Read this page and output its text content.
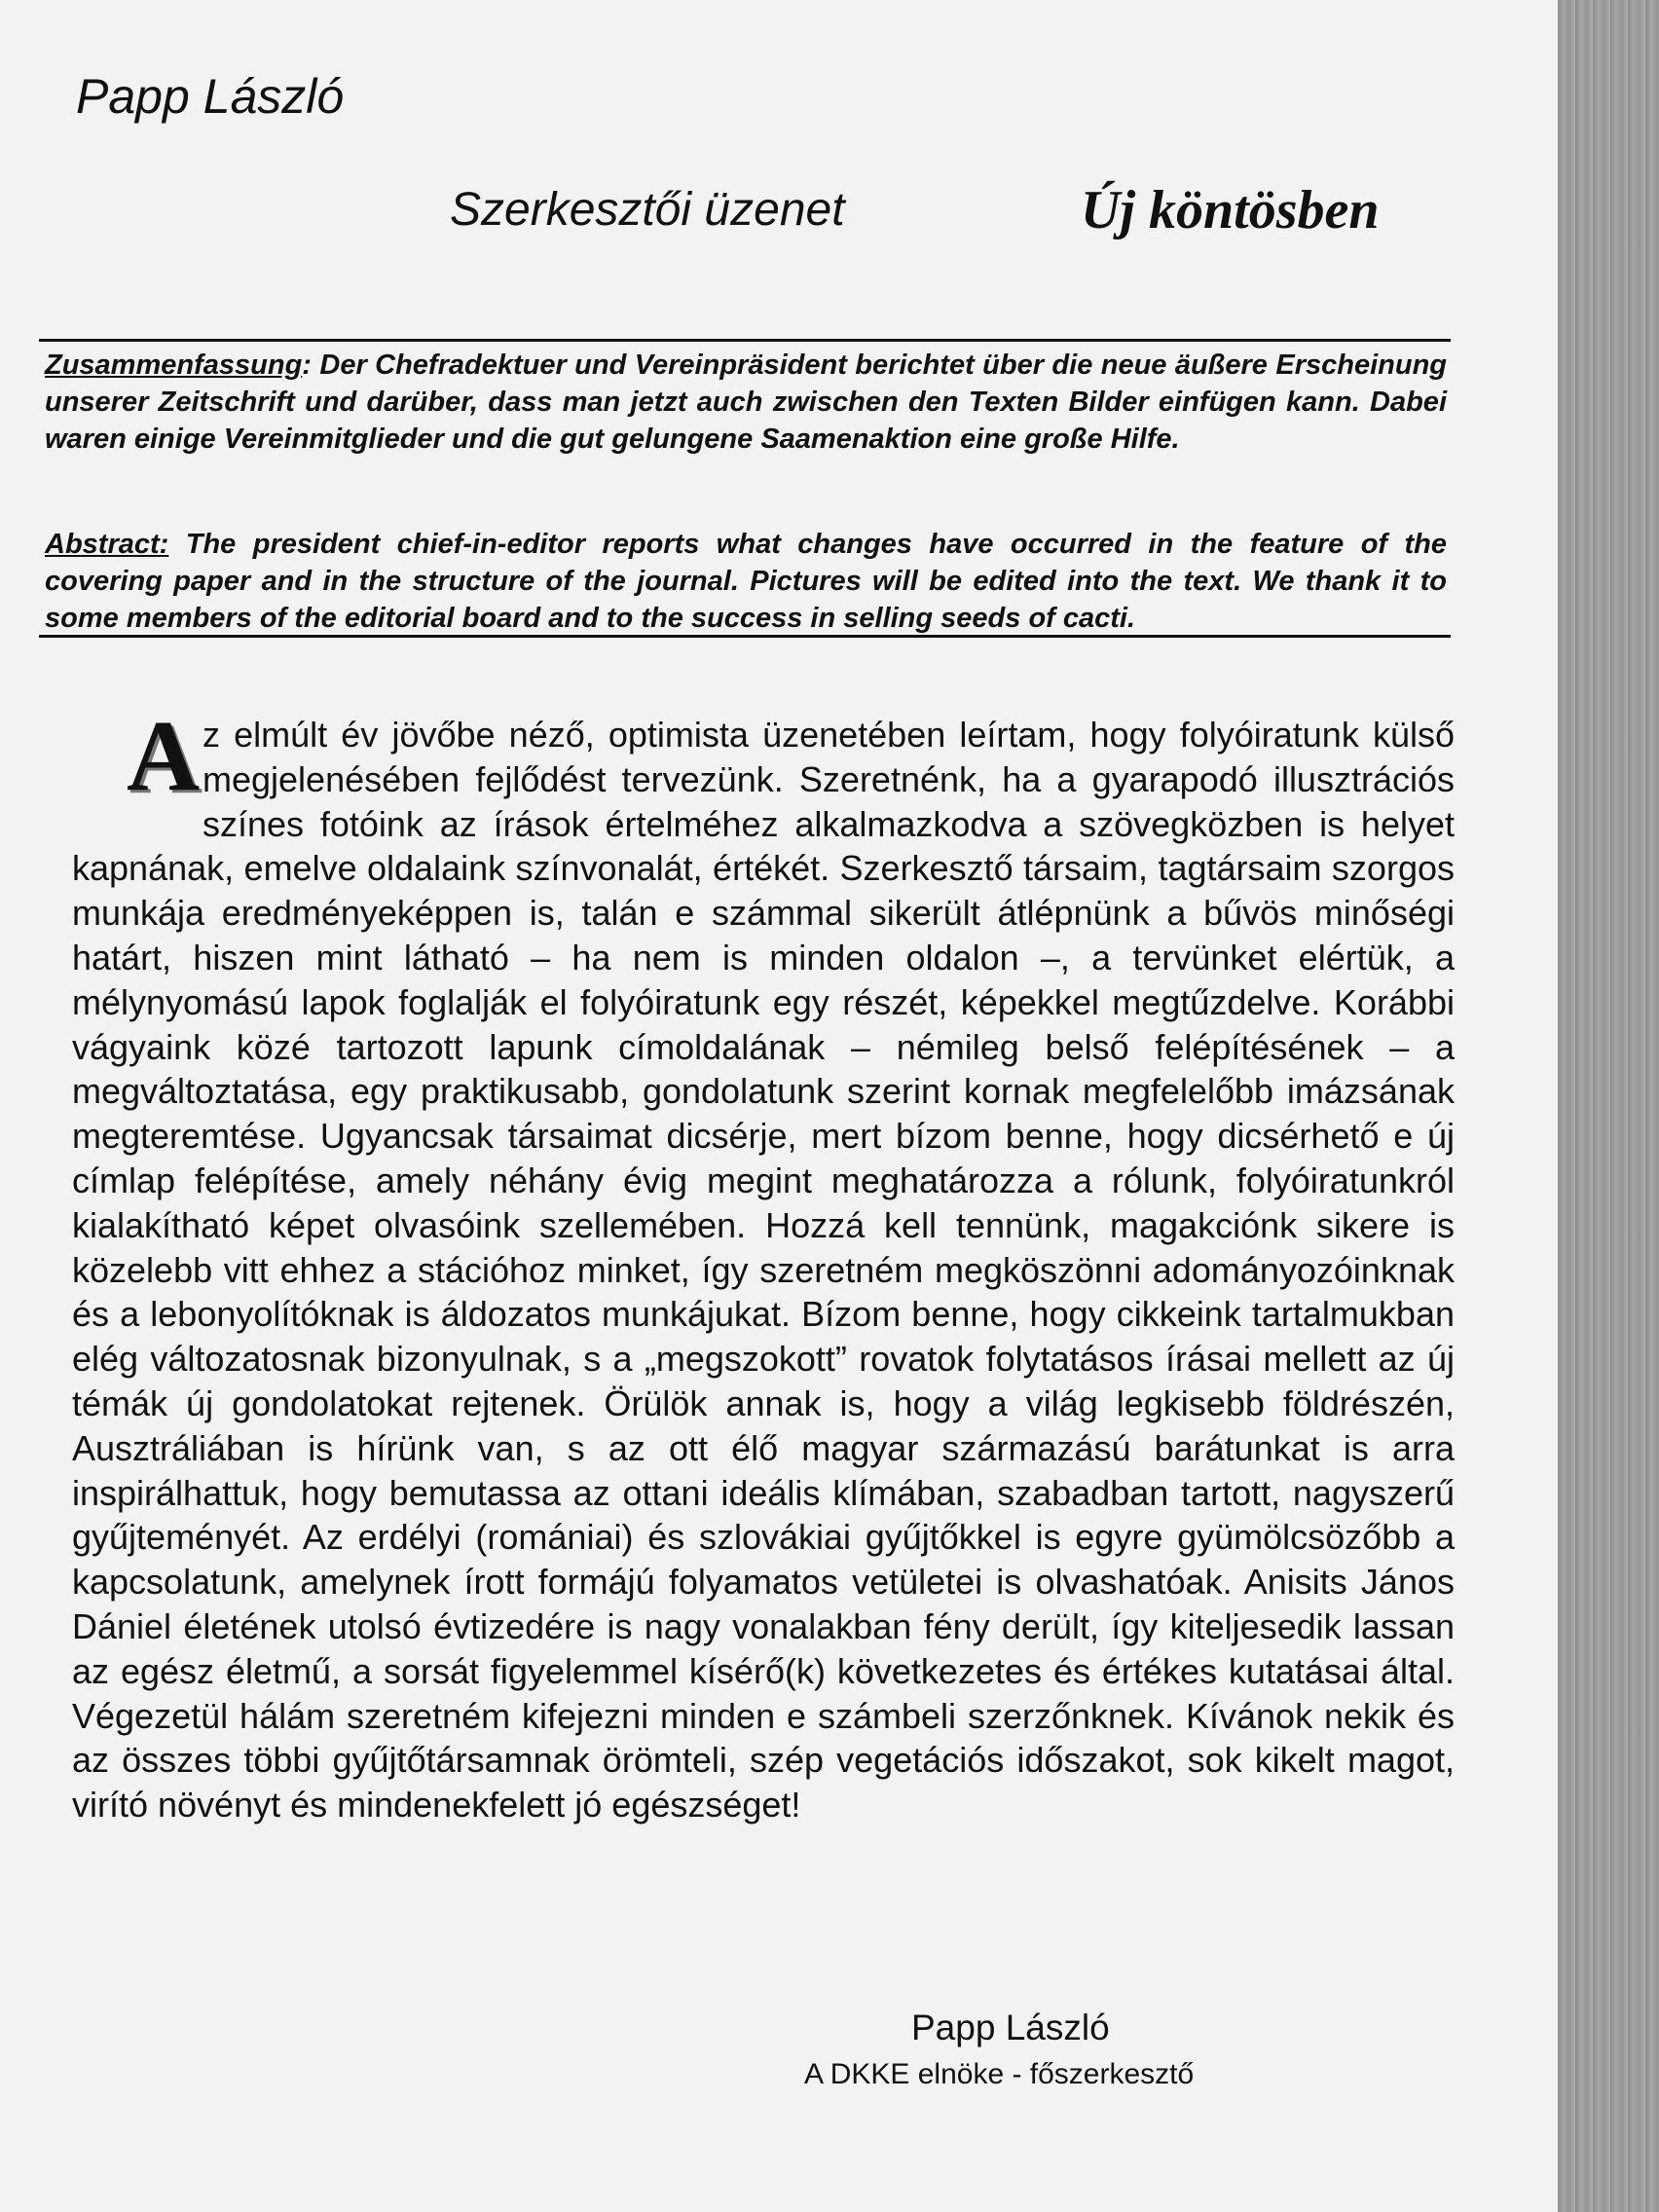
Papp László
Szerkesztői üzenet	Új köntösben

Zusammenfassung: Der Chefradektuer und Vereinpräsident berichtet über die neue äußere Erscheinung unserer Zeitschrift und darüber, dass man jetzt auch zwischen den Texten Bilder einfügen kann. Dabei waren einige Vereinmitglieder und die gut gelungene Saamenaktion eine große Hilfe.

Abstract: The president chief-in-editor reports what changes have occurred in the feature of the covering paper and in the structure of the journal. Pictures will be edited into the text. We thank it to some members of the editorial board and to the success in selling seeds of cacti.

Az elmúlt év jövőbe néző, optimista üzenetében leírtam, hogy folyóiratunk külső megjelenésében fejlődést tervezünk. Szeretnénk, ha a gyarapodó illusztrációs színes fotóink az írások értelméhez alkalmazkodva a szövegközben is helyet kapnának, emelve oldalaink színvonalát, értékét. Szerkesztő társaim, tagtársaim szorgos munkája eredményeképpen is, talán e számmal sikerült átlépnünk a bűvös minőségi határt, hiszen mint látható – ha nem is minden oldalon –, a tervünket elértük, a mélynyomású lapok foglalják el folyóiratunk egy részét, képekkel megtűzdelve. Korábbi vágyaink közé tartozott lapunk címoldalának – némileg belső felépítésének – a megváltoztatása, egy praktikusabb, gondolatunk szerint kornak megfelelőbb imázsának megteremtése. Ugyancsak társaimat dicsérje, mert bízom benne, hogy dicsérhető e új címlap felépítése, amely néhány évig megint meghatározza a rólunk, folyóiratunkról kialakítható képet olvasóink szellemében. Hozzá kell tennünk, magakciónk sikere is közelebb vitt ehhez a stációhoz minket, így szeretném megköszönni adományozóinknak és a lebonyolítóknak is áldozatos munkájukat. Bízom benne, hogy cikkeink tartalmukban elég változatosnak bizonyulnak, s a „megszokott” rovatok folytatásos írásai mellett az új témák új gondolatokat rejtenek. Örülök annak is, hogy a világ legkisebb földrészén, Ausztráliában is hírünk van, s az ott élő magyar származású barátunkat is arra inspirálhattuk, hogy bemutassa az ottani ideális klímában, szabadban tartott, nagyszerű gyűjteményét. Az erdélyi (romániai) és szlovákiai gyűjtőkkel is egyre gyümölcsözőbb a kapcsolatunk, amelynek írott formájú folyamatos vetületei is olvashatóak. Anisits János Dániel életének utolsó évtizedére is nagy vonalakban fény derült, így kiteljesedik lassan az egész életmű, a sorsát figyelemmel kísérő(k) következetes és értékes kutatásai által. Végezetül hálám szeretném kifejezni minden e számbeli szerzőnknek. Kívánok nekik és az összes többi gyűjtőtársamnak örömteli, szép vegetációs időszakot, sok kikelt magot, virító növényt és mindenekfelett jó egészséget!

Papp László
A DKKE elnöke - főszerkesztő
